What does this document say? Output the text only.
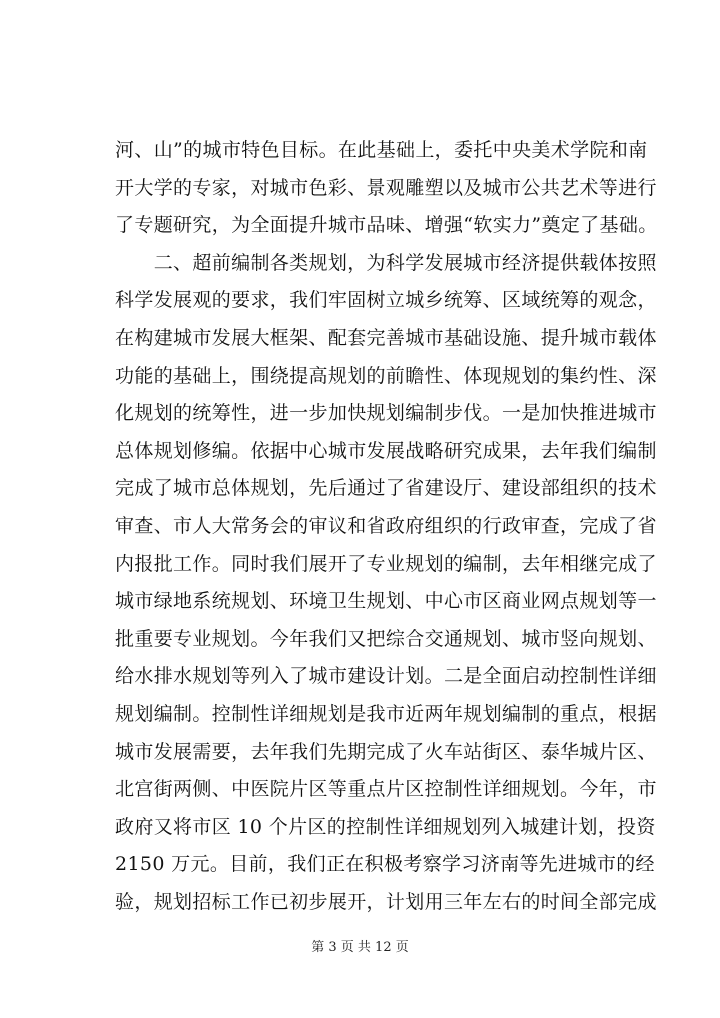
河、山”的城市特色目标。在此基础上，委托中央美术学院和南
开大学的专家，对城市色彩、景观雕塑以及城市公共艺术等进行
了专题研究，为全面提升城市品味、增强“软实力”奠定了基础。
　　二、超前编制各类规划，为科学发展城市经济提供载体按照
科学发展观的要求，我们牢固树立城乡统筹、区域统筹的观念，
在构建城市发展大框架、配套完善城市基础设施、提升城市载体
功能的基础上，围绕提高规划的前瞻性、体现规划的集约性、深
化规划的统筹性，进一步加快规划编制步伐。一是加快推进城市
总体规划修编。依据中心城市发展战略研究成果，去年我们编制
完成了城市总体规划，先后通过了省建设厅、建设部组织的技术
审查、市人大常务会的审议和省政府组织的行政审查，完成了省
内报批工作。同时我们展开了专业规划的编制，去年相继完成了
城市绿地系统规划、环境卫生规划、中心市区商业网点规划等一
批重要专业规划。今年我们又把综合交通规划、城市竖向规划、
给水排水规划等列入了城市建设计划。二是全面启动控制性详细
规划编制。控制性详细规划是我市近两年规划编制的重点，根据
城市发展需要，去年我们先期完成了火车站街区、泰华城片区、
北宫街两侧、中医院片区等重点片区控制性详细规划。今年，市
政府又将市区 10 个片区的控制性详细规划列入城建计划，投资
2150 万元。目前，我们正在积极考察学习济南等先进城市的经
验，规划招标工作已初步展开，计划用三年左右的时间全部完成
第 3 页 共 12 页
